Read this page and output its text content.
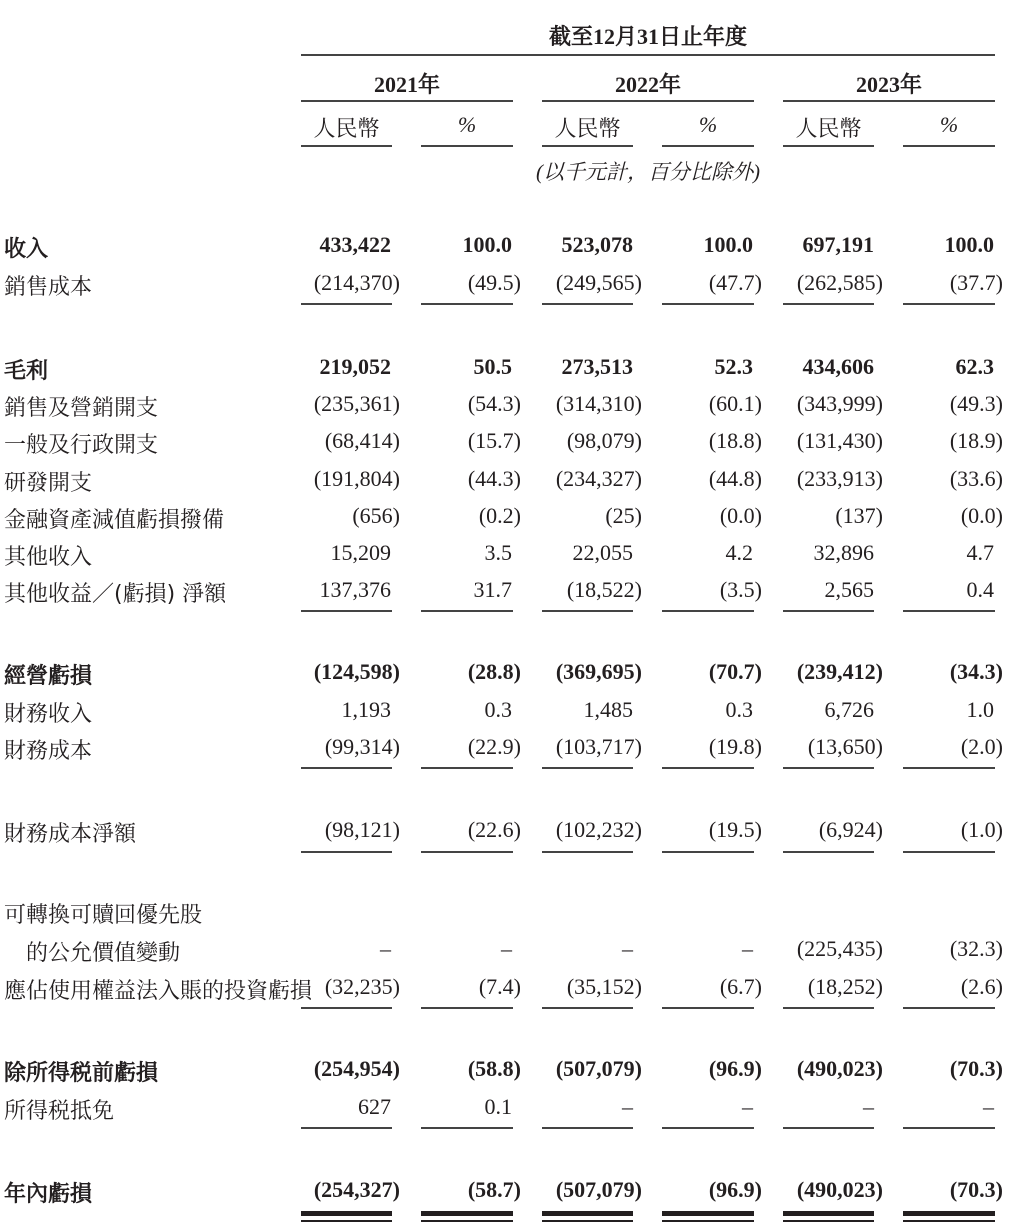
截至12月31日止年度
2021年	2022年	2023年
人民幣	%	人民幣	%	人民幣	%
(以千元計，百分比除外)
收入	433,422	100.0	523,078	100.0	697,191	100.0
銷售成本	(214,370)	(49.5)	(249,565)	(47.7)	(262,585)	(37.7)
毛利	219,052	50.5	273,513	52.3	434,606	62.3
銷售及營銷開支	(235,361)	(54.3)	(314,310)	(60.1)	(343,999)	(49.3)
一般及行政開支	(68,414)	(15.7)	(98,079)	(18.8)	(131,430)	(18.9)
研發開支	(191,804)	(44.3)	(234,327)	(44.8)	(233,913)	(33.6)
金融資產減值虧損撥備	(656)	(0.2)	(25)	(0.0)	(137)	(0.0)
其他收入	15,209	3.5	22,055	4.2	32,896	4.7
其他收益／(虧損) 淨額	137,376	31.7	(18,522)	(3.5)	2,565	0.4
經營虧損	(124,598)	(28.8)	(369,695)	(70.7)	(239,412)	(34.3)
財務收入	1,193	0.3	1,485	0.3	6,726	1.0
財務成本	(99,314)	(22.9)	(103,717)	(19.8)	(13,650)	(2.0)
財務成本淨額	(98,121)	(22.6)	(102,232)	(19.5)	(6,924)	(1.0)
可轉換可贖回優先股
的公允價值變動	–	–	–	–	(225,435)	(32.3)
應佔使用權益法入賬的投資虧損 (32,235)	(7.4)	(35,152)	(6.7)	(18,252)	(2.6)
除所得税前虧損	(254,954)	(58.8)	(507,079)	(96.9)	(490,023)	(70.3)
所得税抵免	627	0.1	–	–	–	–
年內虧損	(254,327)	(58.7)	(507,079)	(96.9)	(490,023)	(70.3)
